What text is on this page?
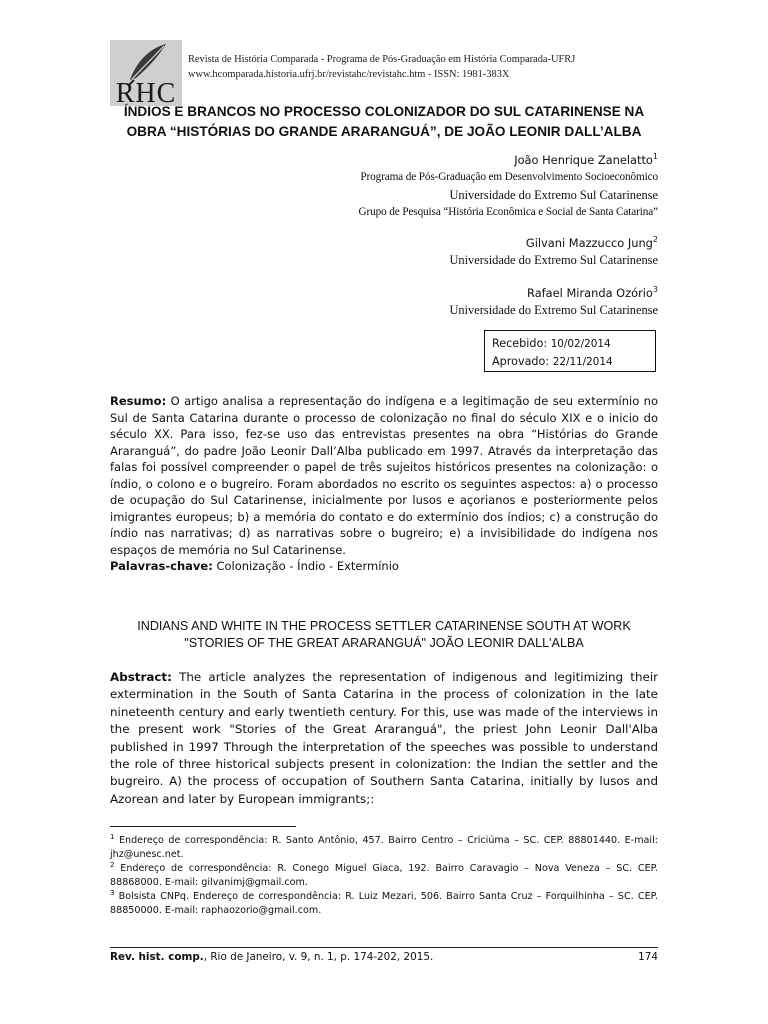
RHC
Revista de História Comparada - Programa de Pós-Graduação em História Comparada-UFRJ
www.hcomparada.historia.ufrj.br/revistahc/revistahc.htm - ISSN: 1981-383X
ÍNDIOS E BRANCOS NO PROCESSO COLONIZADOR DO SUL CATARINENSE NA
OBRA “HISTÓRIAS DO GRANDE ARARANGUÁ”, DE JOÃO LEONIR DALL’ALBA
João Henrique Zanelatto$^1$
Programa de Pós-Graduação em Desenvolvimento Socioeconômico
Universidade do Extremo Sul Catarinense
Grupo de Pesquisa “História Econômica e Social de Santa Catarina”
Gilvani Mazzucco Jung$^2$
Universidade do Extremo Sul Catarinense
Rafael Miranda Ozório$^3$
Universidade do Extremo Sul Catarinense
Recebido: 10/02/2014
Aprovado: 22/11/2014
Resumo: O artigo analisa a representação do indígena e a legitimação de seu extermínio no Sul de Santa Catarina durante o processo de colonização no final do século XIX e o inicio do século XX. Para isso, fez-se uso das entrevistas presentes na obra “Histórias do Grande Araranguá”, do padre João Leonir Dall’Alba publicado em 1997. Através da interpretação das falas foi possível compreender o papel de três sujeitos históricos presentes na colonização: o índio, o colono e o bugreiro. Foram abordados no escrito os seguintes aspectos: a) o processo de ocupação do Sul Catarinense, inicialmente por lusos e açorianos e posteriormente pelos imigrantes europeus; b) a memória do contato e do extermínio dos índios; c) a construção do índio nas narrativas; d) as narrativas sobre o bugreiro; e) a invisibilidade do indígena nos espaços de memória no Sul Catarinense.
Palavras-chave: Colonização - Índio - Extermínio
INDIANS AND WHITE IN THE PROCESS SETTLER CATARINENSE SOUTH AT WORK
"STORIES OF THE GREAT ARARANGUÁ" JOÃO LEONIR DALL'ALBA
Abstract: The article analyzes the representation of indigenous and legitimizing their extermination in the South of Santa Catarina in the process of colonization in the late nineteenth century and early twentieth century. For this, use was made of the interviews in the present work "Stories of the Great Araranguá", the priest John Leonir Dall'Alba published in 1997 Through the interpretation of the speeches was possible to understand the role of three historical subjects present in colonization: the Indian the settler and the bugreiro. A) the process of occupation of Southern Santa Catarina, initially by lusos and Azorean and later by European immigrants;:
$^1$ Endereço de correspondência: R. Santo Antônio, 457. Bairro Centro – Criciúma – SC. CEP. 88801440. E-mail: jhz@unesc.net.
$^2$ Endereço de correspondência: R. Conego Miguel Giaca, 192. Bairro Caravagio – Nova Veneza – SC. CEP. 88868000. E-mail: gilvanimj@gmail.com.
$^3$ Bolsista CNPq. Endereço de correspondência: R. Luiz Mezari, 506. Bairro Santa Cruz – Forquilhinha – SC. CEP. 88850000. E-mail: raphaozorio@gmail.com.
Rev. hist. comp., Rio de Janeiro, v. 9, n. 1, p. 174-202, 2015.	174
